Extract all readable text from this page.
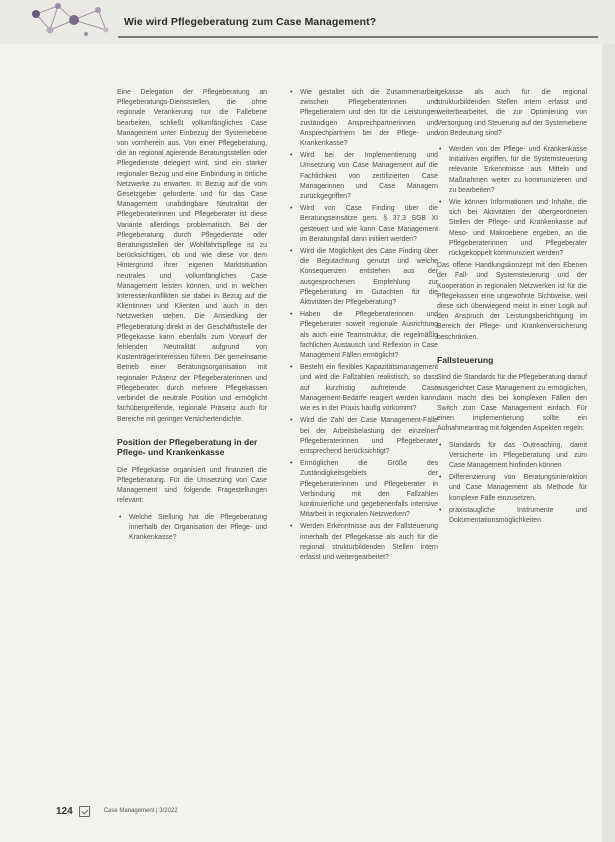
Wie wird Pflegeberatung zum Case Management?

Eine Delegation der Pflegeberatung an Pflegeberatungs-Dienststellen, die ohne regionale Verankerung nur die Fallebene bearbeiten, schließt vollumfängliches Case Management unter Einbezug der Systemebene von vornherein aus. Von einer Pflegeberatung, die an regional agierende Beratungsstellen oder Pflegedienste delegiert wird, sind ein starker regionaler Bezug und eine Einbindung in örtliche Netzwerke zu erwarten. In Bezug auf die vom Gesetzgeber geforderte und für das Case Management unabdingbare Neutralität der Pflegeberaterinnen und Pflegeberater ist diese Variante allerdings problematisch. Bei der Pflegeberatung durch Pflegedienste oder Beratungsstellen der Wohlfahrtspflege ist zu berücksichtigen, ob und wie diese vor dem Hintergrund ihrer eigenen Marktsituation neutrales und vollumfängliches Case Management leisten können, und in welchen Interessenkonflikten sie dabei in Bezug auf die Klientinnen und Klienten und auch in den Netzwerken stehen. Die Ansiedlung der Pflegeberatung direkt in der Geschäftsstelle der Pflegekasse kann ebenfalls zum Vorwurf der fehlenden Neutralität aufgrund von Kostenträgerinteressen führen. Der gemeinsame Betrieb einer Beratungsorganisation mit regionaler Präsenz der Pflegeberaterinnen und Pflegeberater durch mehrere Pflegekassen verbindet die neutrale Position und ermöglicht fachübergreifende, regionale Präsenz auch für Bereiche mit geringer Versichertendichte.

Position der Pflegeberatung in der Pflege- und Krankenkasse

Die Pflegekasse organisiert und finanziert die Pflegeberatung. Für die Umsetzung von Case Management sind folgende Fragestellungen relevant:

• Welche Stellung hat die Pflegeberatung innerhalb der Organisation der Pflege- und Krankenkasse?
• Wie gestaltet sich die Zusammenarbeit zwischen Pflegeberaterinnen und Pflegeberatern und den für die Leistungen zuständigen Ansprechpartnerinnen und Ansprechpartnern bei der Pflege- und Krankenkasse?
• Wird bei der Implementierung und Umsetzung von Case Management auf die Fachlichkeit von zertifizierten Case Managerinnen und Case Managern zurückgegriffen?
• Wird von Case Finding über die Beratungseinsätze gem. § 37.3 SGB XI gesteuert und wie kann Case Management im Beratungsfall dann initiiert werden?
• Wird die Möglichkeit des Case Finding über die Begutachtung genutzt und welche Konsequenzen entstehen aus der ausgesprochenen Empfehlung zur Pflegeberatung im Gutachten für die Aktivitäten der Pflegeberatung?
• Haben die Pflegeberaterinnen und Pflegeberater soweit regionale Ausrichtung als auch eine Teamstruktur, die regelmäßig fachlichen Austausch und Reflexion in Case Management Fällen ermöglicht?
• Besteht ein flexibles Kapazitätsmanagement und wird die Fallzahlen realistisch, so dass auf kurzfristig auftretende Case Management-Bedarfe reagiert werden kann, wie es in der Praxis häufig vorkommt?
• Wird die Zahl der Case Management-Fälle bei der Arbeitsbelastung der einzelnen Pflegeberaterinnen und Pflegeberater entsprechend berücksichtigt?
• Ermöglichen die Größe des Zuständigkeitsgebiets der Pflegeberaterinnen und Pflegeberater in Verbindung mit den Fallzahlen kontinuierliche und gegebenenfalls intensive Mitarbeit in regionalen Netzwerken?
• Werden Erkenntnisse aus der Fallsteuerung innerhalb der Pflegekasse als auch für die regional strukturbildenden Stellen intern erfasst und weitergearbeitet?

gekasse als auch für die regional strukturbildenden Stellen intern erfasst und weiterbearbeitet, die zur Optimierung von Versorgung und Steuerung auf der Systemebene von Bedeutung sind?

• Werden von der Pflege- und Krankenkasse Initiativen ergriffen, für die Systemsteuerung relevante Erkenntnisse aus Mitteln und Maßnahmen weiter zu kommunizieren und zu bearbeiten?
• Wie können Informationen und Inhalte, die sich bei Aktivitäten der übergeordneten Stellen der Pflege- und Krankenkasse auf Meso- und Makroebene ergeben, an die Pflegeberaterinnen und Pflegeberater rückgekoppelt kommuniziert werden?

Das offene Handlungskonzept mit den Ebenen der Fall- und Systemsteuerung und der Kooperation in regionalen Netzwerken ist für die Pflegekassen eine ungewohnte Sichtweise, weil diese sich überwiegend meist in einer Logik auf den Anspruch der Leistungsberichtigung im Bereich der Pflege- und Krankenversicherung beschränken.

Fallsteuerung

Sind die Standards für die Pflegeberatung darauf ausgerichtet Case Management zu ermöglichen, dann macht dies bei komplexen Fällen den Switch zum Case Management einfach. Für einen implementierung sollte ein Aufnahmeantrag mit folgenden Aspekten regeln:

• Standards für das Outreaching, damit Versicherte im Pflegeberatung und zum Case Management hinfinden können
• Differenzierung von Beratungsinteraktion und Case Management als Methode für komplexe Fälle einzusetzen,
• praxistaugliche Instrumente und Dokumentationsmöglichkeiten
124	Case Management | 3/2022
